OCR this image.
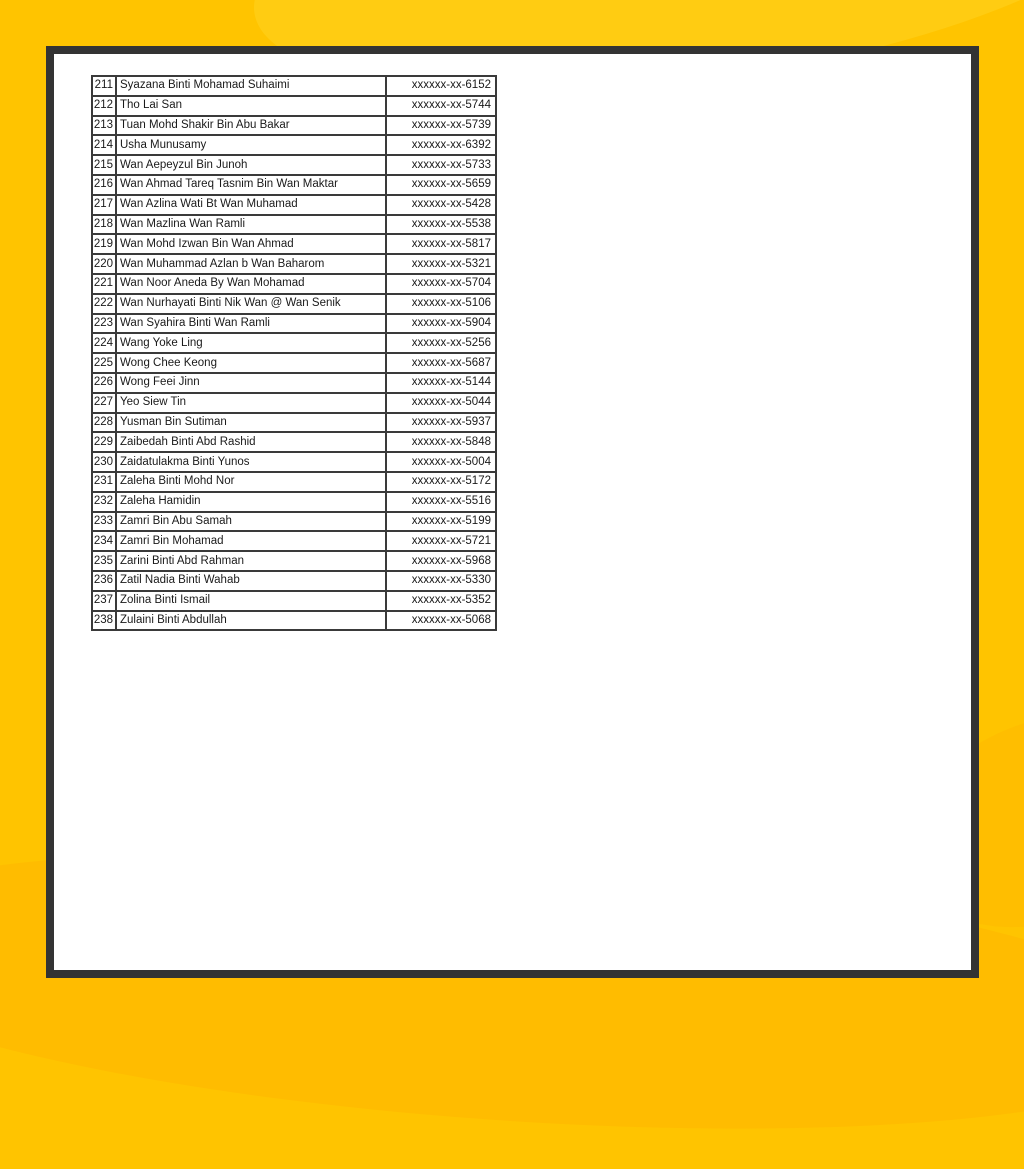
211	Syazana Binti Mohamad Suhaimi	xxxxxx-xx-6152
212	Tho Lai San	xxxxxx-xx-5744
213	Tuan Mohd Shakir Bin Abu Bakar	xxxxxx-xx-5739
214	Usha Munusamy	xxxxxx-xx-6392
215	Wan Aepeyzul Bin Junoh	xxxxxx-xx-5733
216	Wan Ahmad Tareq Tasnim Bin Wan Maktar	xxxxxx-xx-5659
217	Wan Azlina Wati Bt Wan Muhamad	xxxxxx-xx-5428
218	Wan Mazlina Wan Ramli	xxxxxx-xx-5538
219	Wan Mohd Izwan Bin Wan Ahmad	xxxxxx-xx-5817
220	Wan Muhammad Azlan b Wan Baharom	xxxxxx-xx-5321
221	Wan Noor Aneda By Wan Mohamad	xxxxxx-xx-5704
222	Wan Nurhayati Binti Nik Wan @ Wan Senik	xxxxxx-xx-5106
223	Wan Syahira Binti Wan Ramli	xxxxxx-xx-5904
224	Wang Yoke Ling	xxxxxx-xx-5256
225	Wong Chee Keong	xxxxxx-xx-5687
226	Wong Feei Jinn	xxxxxx-xx-5144
227	Yeo Siew Tin	xxxxxx-xx-5044
228	Yusman Bin Sutiman	xxxxxx-xx-5937
229	Zaibedah Binti Abd Rashid	xxxxxx-xx-5848
230	Zaidatulakma Binti Yunos	xxxxxx-xx-5004
231	Zaleha Binti Mohd Nor	xxxxxx-xx-5172
232	Zaleha Hamidin	xxxxxx-xx-5516
233	Zamri Bin Abu Samah	xxxxxx-xx-5199
234	Zamri Bin Mohamad	xxxxxx-xx-5721
235	Zarini Binti Abd Rahman	xxxxxx-xx-5968
236	Zatil Nadia Binti Wahab	xxxxxx-xx-5330
237	Zolina Binti Ismail	xxxxxx-xx-5352
238	Zulaini Binti Abdullah	xxxxxx-xx-5068
